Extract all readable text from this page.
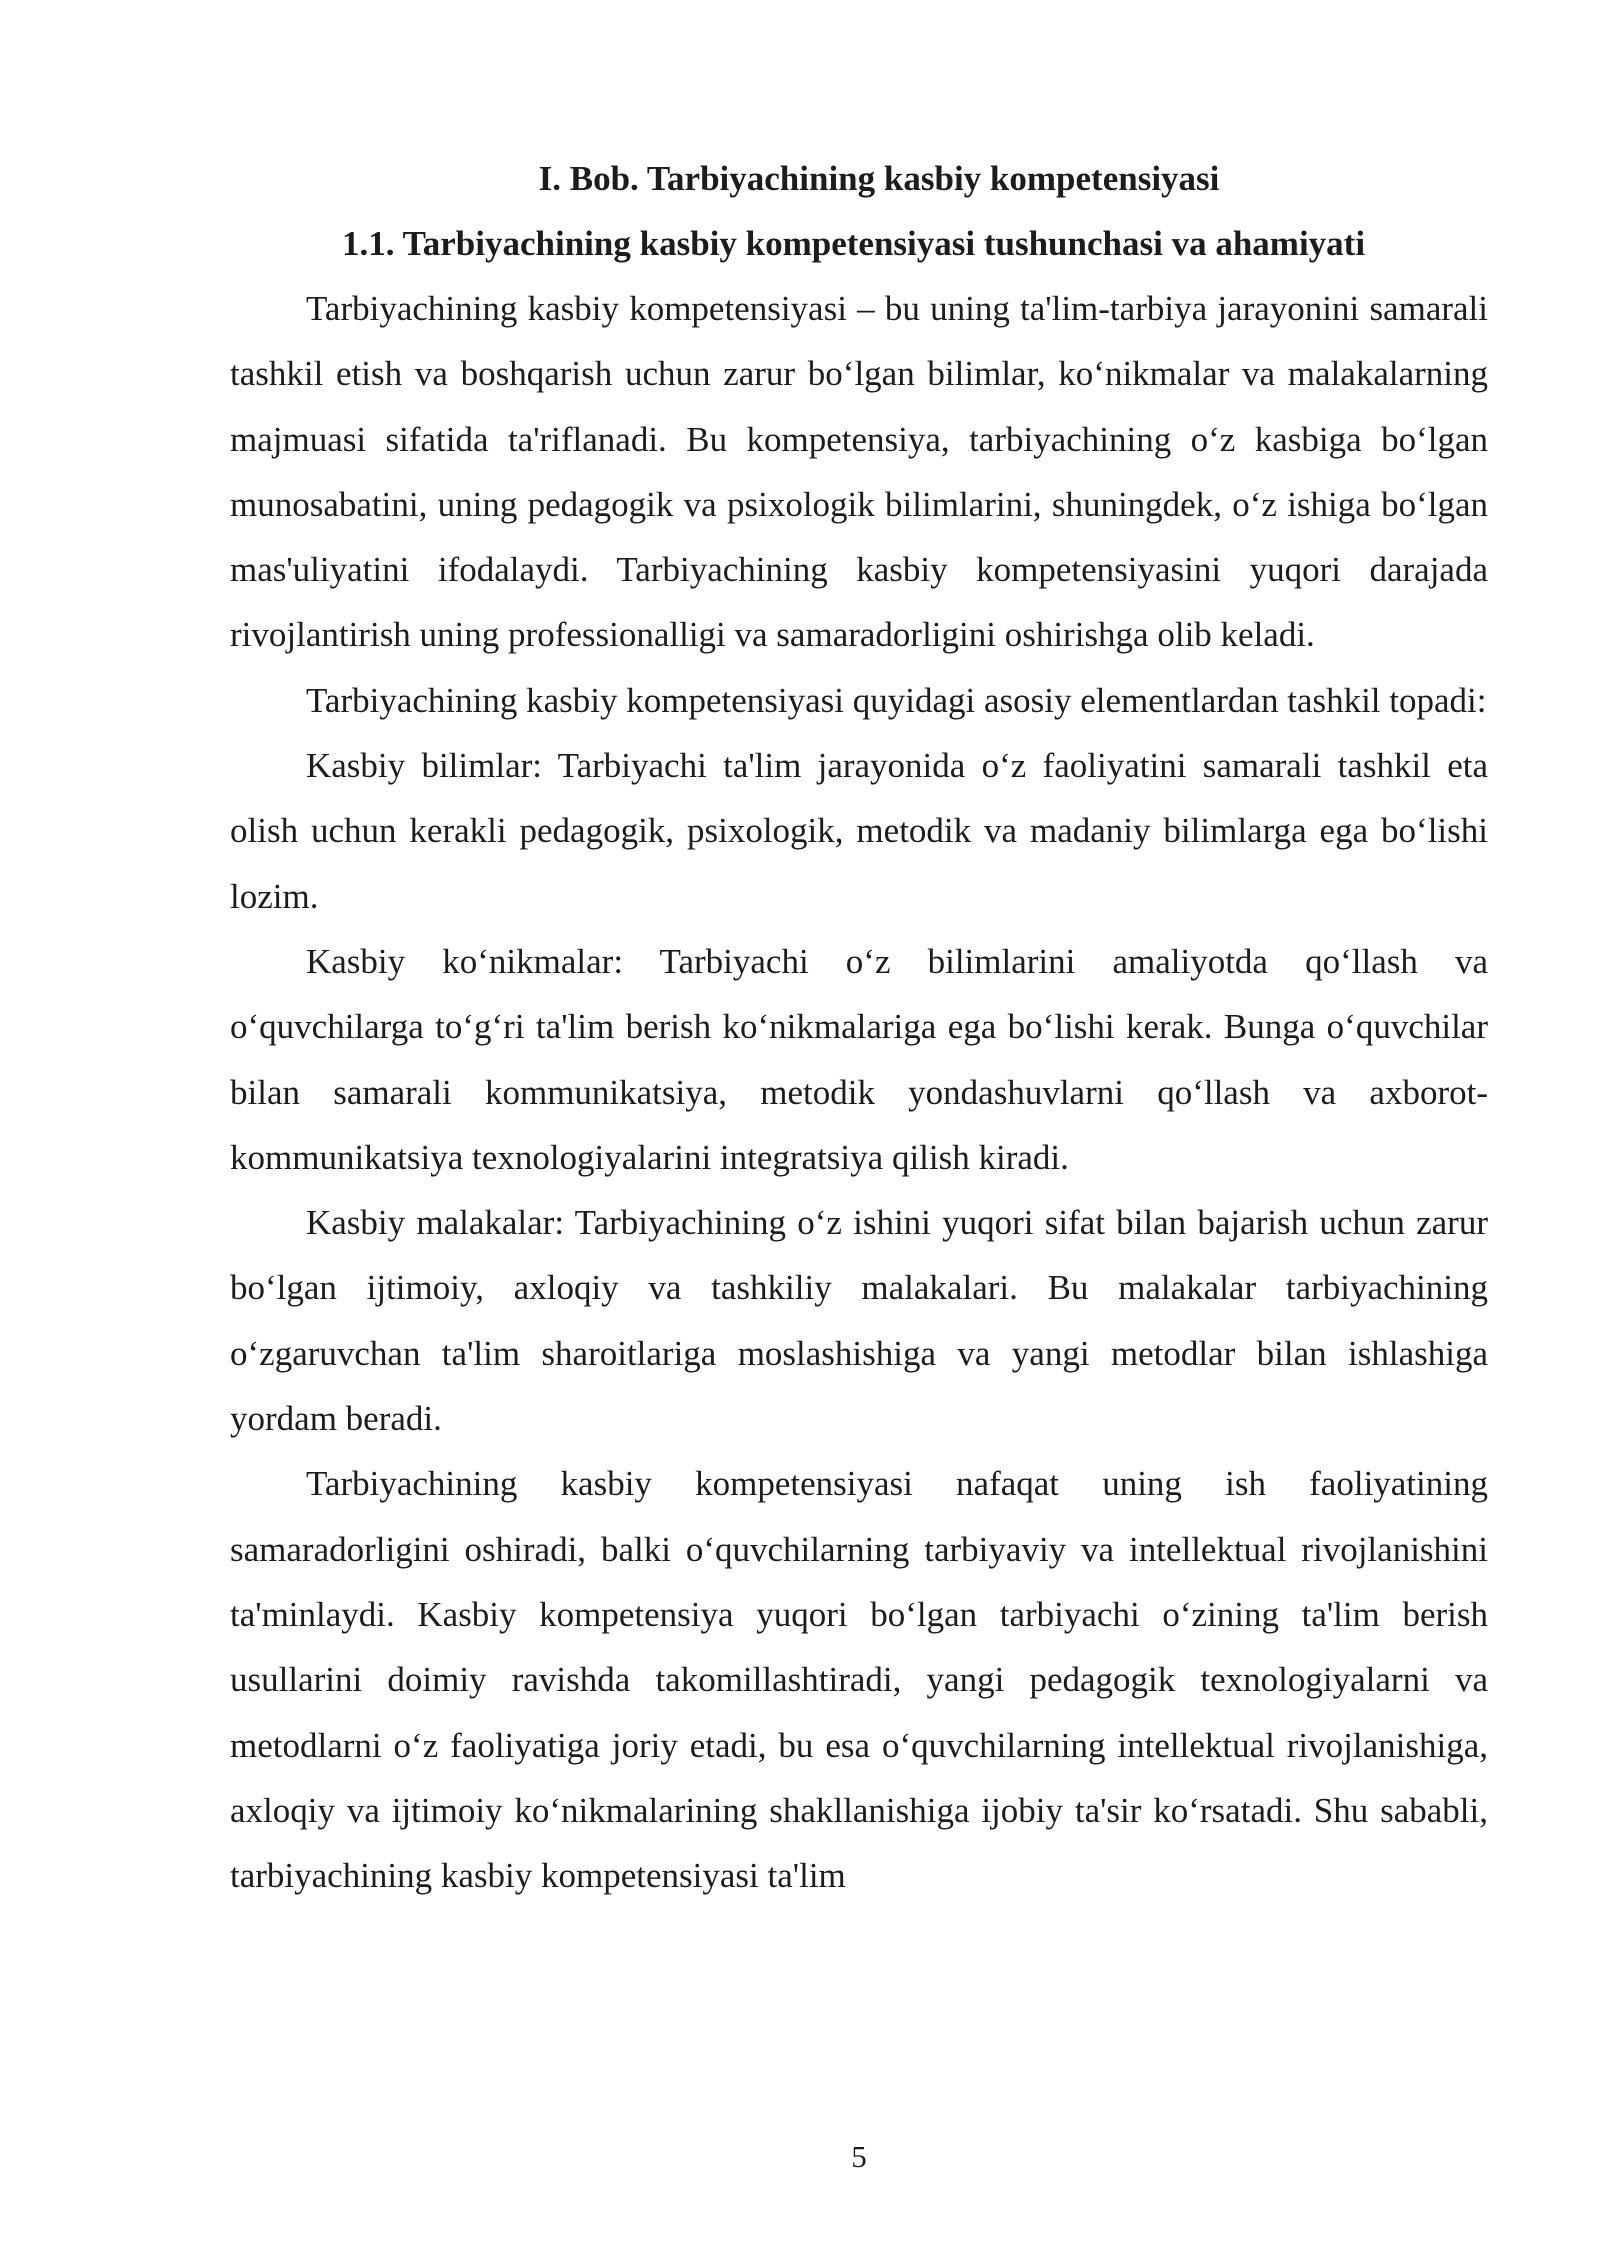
I. Bob. Tarbiyachining kasbiy kompetensiyasi
1.1. Tarbiyachining kasbiy kompetensiyasi tushunchasi va ahamiyati

Tarbiyachining kasbiy kompetensiyasi – bu uning ta'lim-tarbiya jarayonini samarali tashkil etish va boshqarish uchun zarur bo‘lgan bilimlar, ko‘nikmalar va malakalarning majmuasi sifatida ta'riflanadi. Bu kompetensiya, tarbiyachining o‘z kasbiga bo‘lgan munosabatini, uning pedagogik va psixologik bilimlarini, shuningdek, o‘z ishiga bo‘lgan mas'uliyatini ifodalaydi. Tarbiyachining kasbiy kompetensiyasini yuqori darajada rivojlantirish uning professionalligi va samaradorligini oshirishga olib keladi.

Tarbiyachining kasbiy kompetensiyasi quyidagi asosiy elementlardan tashkil topadi:

Kasbiy bilimlar: Tarbiyachi ta'lim jarayonida o‘z faoliyatini samarali tashkil eta olish uchun kerakli pedagogik, psixologik, metodik va madaniy bilimlarga ega bo‘lishi lozim.

Kasbiy ko‘nikmalar: Tarbiyachi o‘z bilimlarini amaliyotda qo‘llash va o‘quvchilarga to‘g‘ri ta'lim berish ko‘nikmalariga ega bo‘lishi kerak. Bunga o‘quvchilar bilan samarali kommunikatsiya, metodik yondashuvlarni qo‘llash va axborot-kommunikatsiya texnologiyalarini integratsiya qilish kiradi.

Kasbiy malakalar: Tarbiyachining o‘z ishini yuqori sifat bilan bajarish uchun zarur bo‘lgan ijtimoiy, axloqiy va tashkiliy malakalari. Bu malakalar tarbiyachining o‘zgaruvchan ta'lim sharoitlariga moslashishiga va yangi metodlar bilan ishlashiga yordam beradi.

Tarbiyachining kasbiy kompetensiyasi nafaqat uning ish faoliyatining samaradorligini oshiradi, balki o‘quvchilarning tarbiyaviy va intellektual rivojlanishini ta'minlaydi. Kasbiy kompetensiya yuqori bo‘lgan tarbiyachi o‘zining ta'lim berish usullarini doimiy ravishda takomillashtiradi, yangi pedagogik texnologiyalarni va metodlarni o‘z faoliyatiga joriy etadi, bu esa o‘quvchilarning intellektual rivojlanishiga, axloqiy va ijtimoiy ko‘nikmalarining shakllanishiga ijobiy ta'sir ko‘rsatadi. Shu sababli, tarbiyachining kasbiy kompetensiyasi ta'lim

5
